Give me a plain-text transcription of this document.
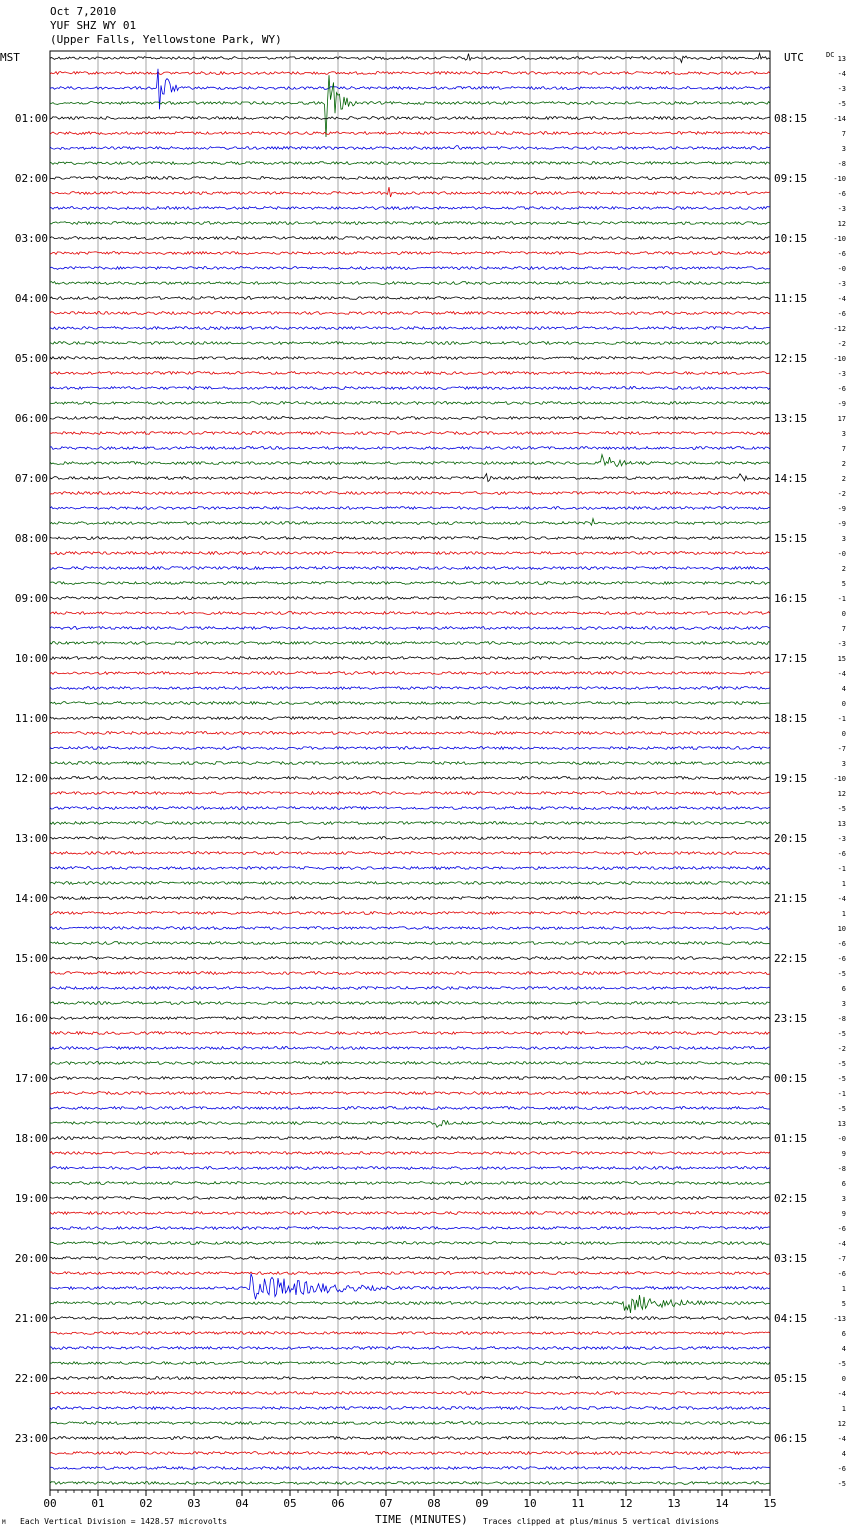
Oct 7,2010
YUF SHZ WY 01
(Upper Falls, Yellowstone Park, WY)
MST	UTC	13
-4
-3
-5
-14
7
3
-8
-10
-6
-3
12
-10
-6
-0
-3
-4
-6
-12
-2
-10
-3
-6
-9
17
3
7
2
2
-2
-9
-9
3
-0
2
5
-1
0
7
-3
15
-4
4
0
-1
0
-7
3
-10
12
-5
13
-3
-6
-1
1
-4
1
10
-6
-6
-5
6
3
-8
-5
-2
-5
-5
-1
-5
13
-0
9
-8
6
3
9
-6
-4
-7
-6
1
5
-13
6
4
-5
0
-4
1
12
-4
4
-6
-5
DC
01:00
02:00
03:00
04:00
05:00
06:00
07:00
08:00
09:00
10:00
11:00
12:00
13:00
14:00
15:00
16:00
17:00
18:00
19:00
20:00
21:00
22:00
23:00
08:15
09:15
10:15
11:15
12:15
13:15
14:15
15:15
16:15
17:15
18:15
19:15
20:15
21:15
22:15
23:15
00:15
01:15
02:15
03:15
04:15
05:15
06:15
00	01	02	03	04	05	06	07	08	09	10	11	12	13	14	15
M Each Vertical Division = 1428.57 microvolts	TIME (MINUTES) Traces clipped at plus/minus 5 vertical divisions
